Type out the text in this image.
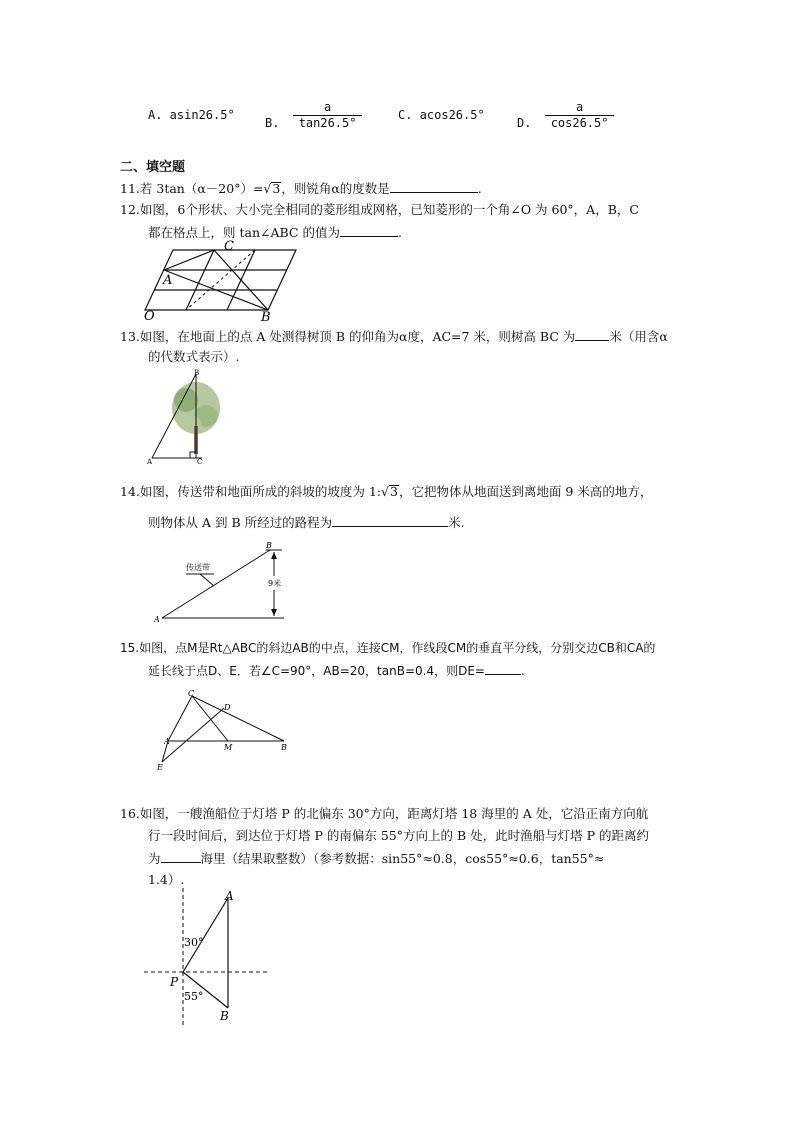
A. asin26.5°
B. $\frac{a}{\tan 26.5^\circ}$	C. acos26.5°
D. $\frac{a}{\cos 26.5^\circ}$
二、填空题
11.若 3tan（α－20°）=√3，则锐角α的度数是	.
12.如图，6个形状、大小完全相同的菱形组成网格，已知菱形的一个角∠O 为 60°，A，B，C
都在格点上，则 tan∠ABC 的值为	.
C
A
B
O
13.如图，在地面上的点 A 处测得树顶 B 的仰角为α度，AC=7 米，则树高 BC 为	米（用含α
的代数式表示）.
B
A	C
14.如图，传送带和地面所成的斜坡的坡度为 1:√3，它把物体从地面送到离地面 9 米高的地方，
则物体从 A 到 B 所经过的路程为	米.
传送带
9米
A
B
15.如图，点M是Rt△ABC的斜边AB的中点，连接CM，作线段CM的垂直平分线，分别交边CB和CA的
延长线于点D、E．若∠C=90°，AB=20，tanB=0.4，则DE=	.
C
D
A
M	B
E
16.如图，一艘渔船位于灯塔 P 的北偏东 30°方向，距离灯塔 18 海里的 A 处，它沿正南方向航
行一段时间后，到达位于灯塔 P 的南偏东 55°方向上的 B 处，此时渔船与灯塔 P 的距离约
为	海里（结果取整数）（参考数据：sin55°≈0.8，cos55°≈0.6，tan55°≈
1.4）.
A
B
P
30°
55°
